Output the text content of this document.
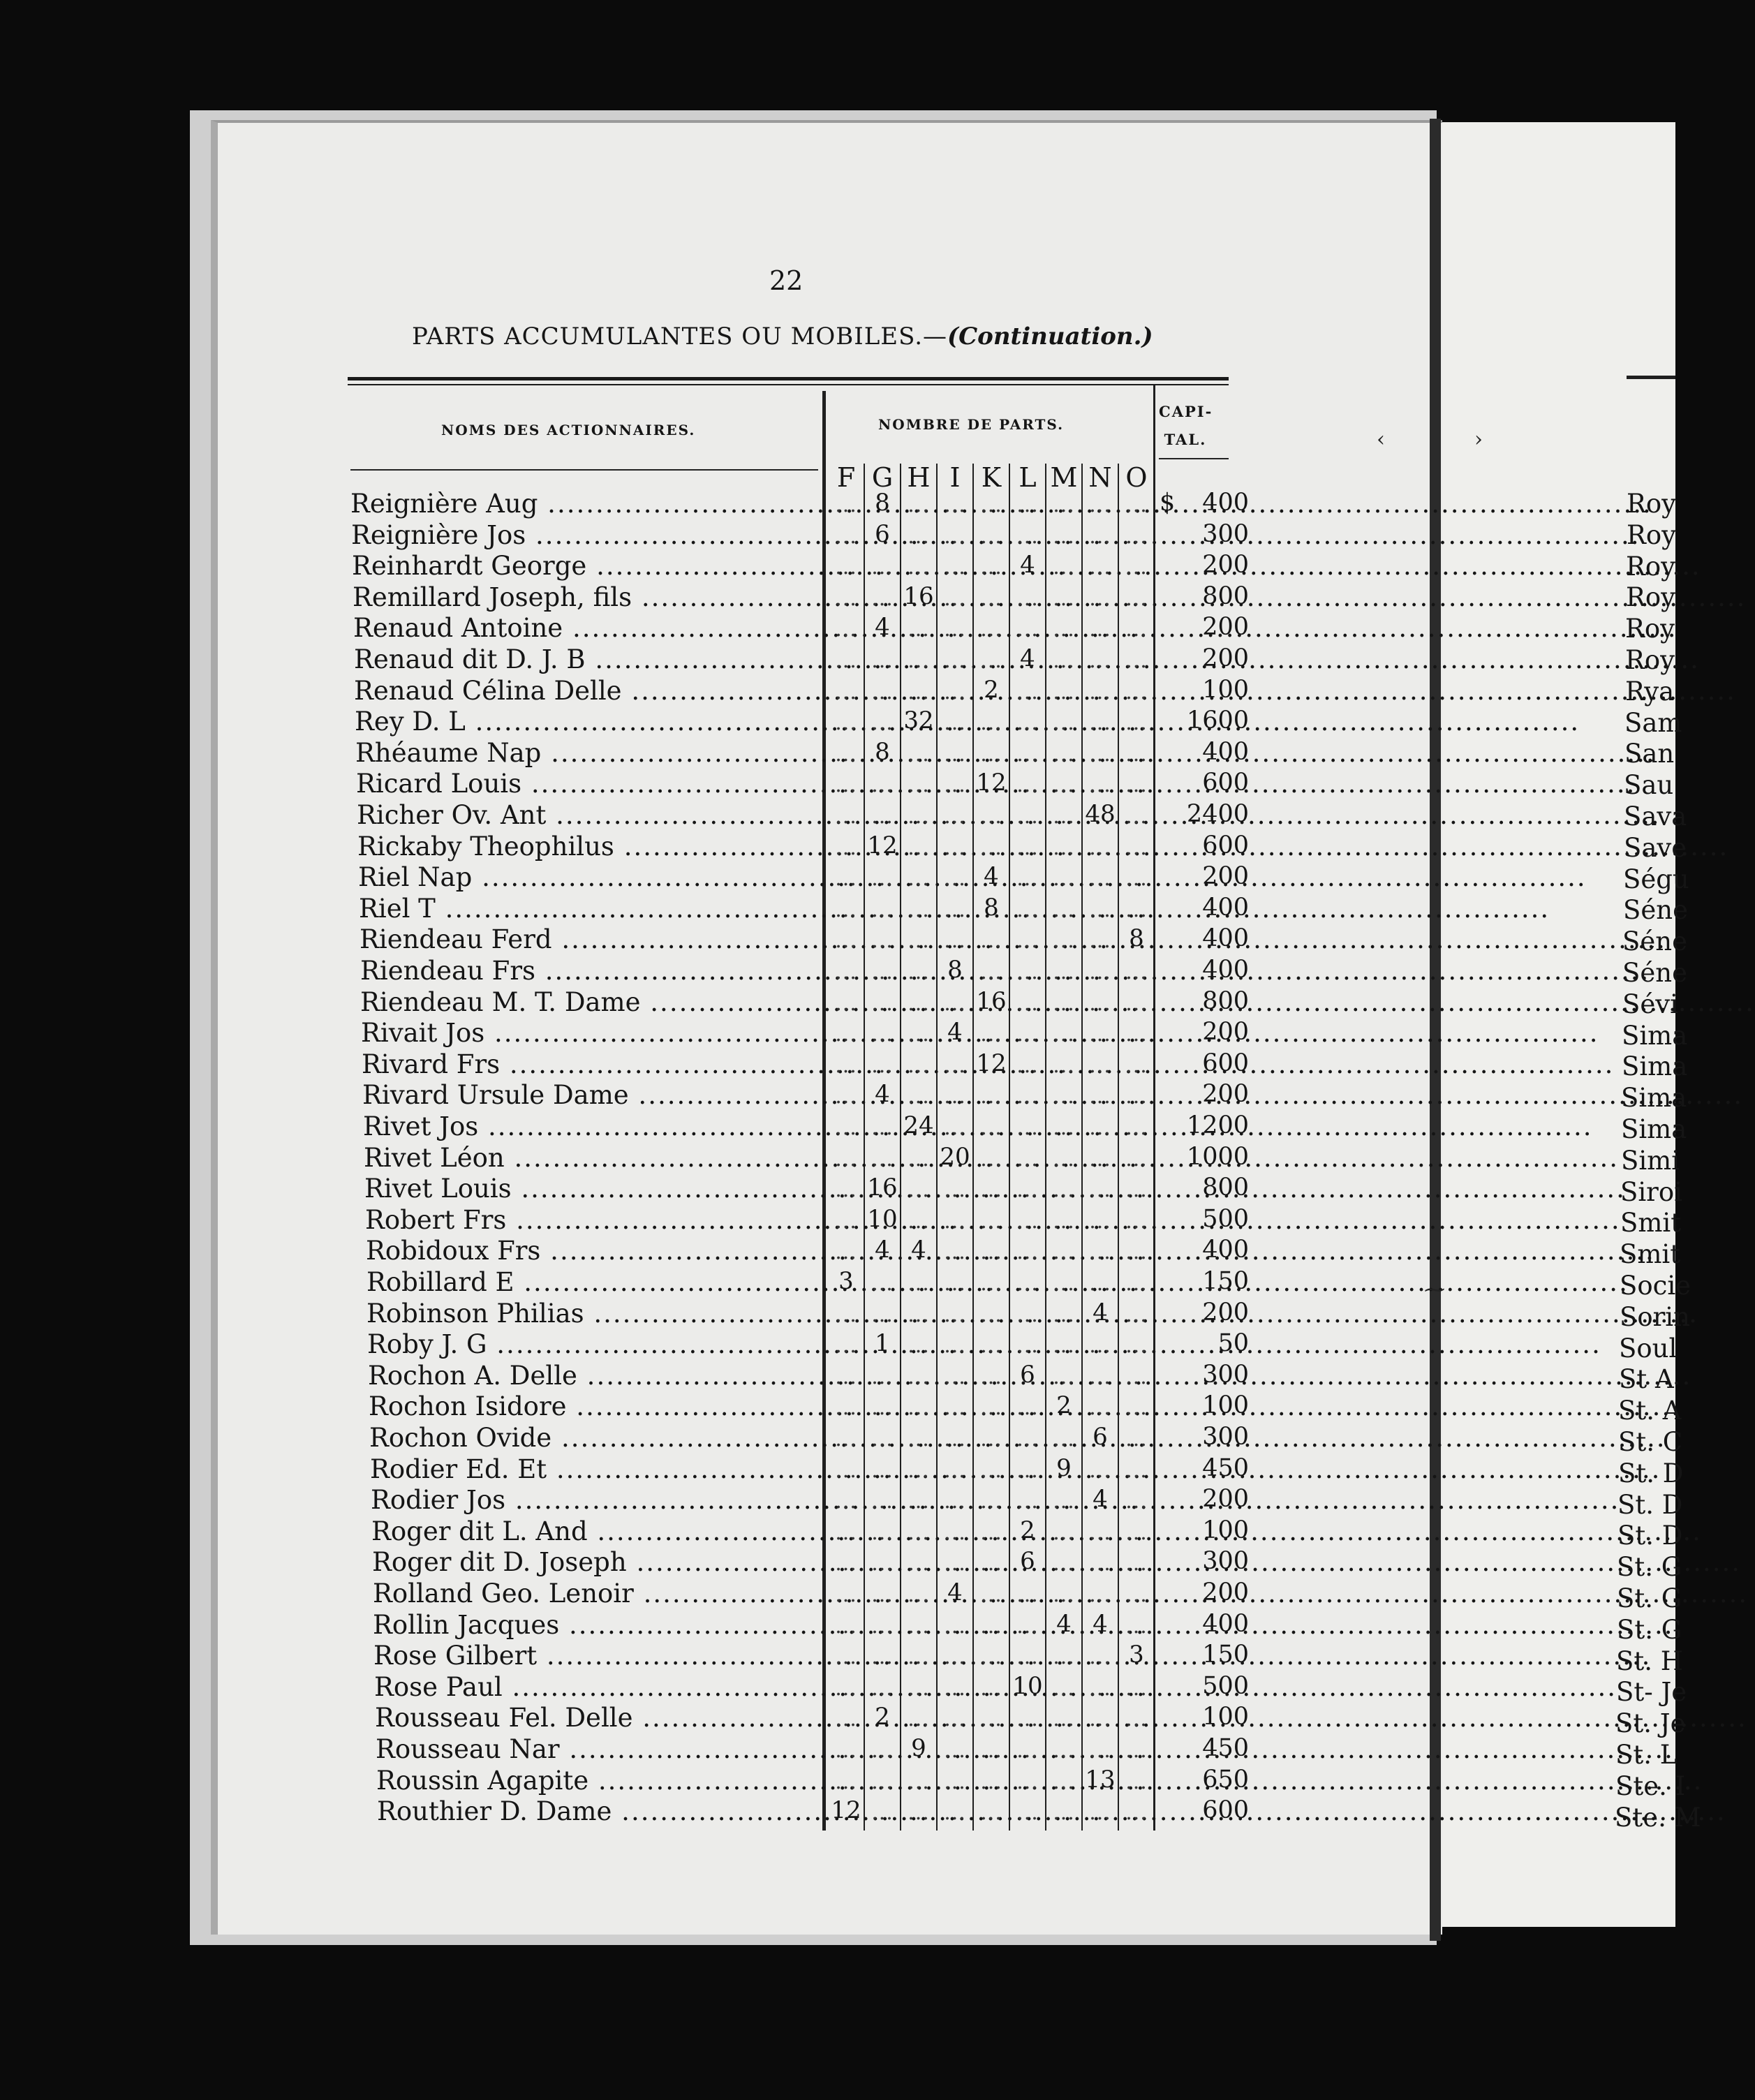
22
PARTS ACCUMULANTES OU MOBILES.—(Continuation.)
NOMS DES ACTIONNAIRES.	NOMBRE DE PARTS.
CAPI-
TAL.
F G H I K L M N O
Reignière Aug .....	... 8 ... ... ... ... ... ... ... $	400
Reignière Jos .....	... 6 ... ... ... ... ... ... ...	300
Reinhardt George .....	... ... ... ... ... 4 ... ... ...	200
Remillard Joseph, fils .....	... ... 16 ... ... ... ... ... ...	800
Renaud Antoine .....	... 4 ... ... ... ... ... ... ...	200
Renaud dit D. J. B .....	... ... ... ... ... 4 ... ... ...	200
Renaud Célina Delle .....	... ... ... ... 2 ... ... ... ...	100
Rey D. L .....	... ... 32 ... ... ... ... ... ... 1600
Rhéaume Nap .....	... 8 ... ... ... ... ... ... ...	400
Ricard Louis .....	... ... ... ... 12 ... ... ... ...	600
Richer Ov. Ant .....	... ... ... ... ... ... ... 48 ... 2400
Rickaby Theophilus .....	... 12 ... ... ... ... ... ... ...	600
Riel Nap .....	... ... ... ... 4 ... ... ... ...	200
Riel T .....	... ... ... ... 8 ... ... ... ...	400
Riendeau Ferd .....	... ... ... ... ... ... ... ... 8	400
Riendeau Frs .....	... ... ... 8 ... ... ... ... ...	400
Riendeau M. T. Dame .....	... ... ... ... 16 ... ... ... ...	800
Rivait Jos .....	... ... ... 4 ... ... ... ... ...	200
Rivard Frs .....	... ... ... ... 12 ... ... ... ...	600
Rivard Ursule Dame .....	... 4 ... ... ... ... ... ... ...	200
Rivet Jos .....	... ... 24 ... ... ... ... ... ... 1200
Rivet Léon .....	... ... ... 20 ... ... ... ... ... 1000
Rivet Louis .....	... 16 ... ... ... ... ... ... ...	800
Robert Frs .....	... 10 ... ... ... ... ... ... ...	500
Robidoux Frs .....	... 4 4 ... ... ... ... ... ...	400
Robillard E .....	3 ... ... ... ... ... ... ... ...	150
Robinson Philias .....	... ... ... ... ... ... ... 4 ...	200
Roby J. G .....	... 1 ... ... ... ... ... ... ...	50
Rochon A. Delle .....	... ... ... ... ... 6 ... ... ...	300
Rochon Isidore .....	... ... ... ... ... ... 2 ... ...	100
Rochon Ovide .....	... ... ... ... ... ... ... 6 ...	300
Rodier Ed. Et .....	... ... ... ... ... ... 9 ... ...	450
Rodier Jos .....	... ... ... ... ... ... ... 4 ...	200
Roger dit L. And .....	... ... ... ... ... 2 ... ... ...	100
Roger dit D. Joseph .....	... ... ... ... ... 6 ... ... ...	300
Rolland Geo. Lenoir .....	... ... ... 4 ... ... ... ... ...	200
Rollin Jacques .....	... ... ... ... ... ... 4 4 ...	400
Rose Gilbert .....	... ... ... ... ... ... ... ... 3	150
Rose Paul .....	... ... ... ... ... 10 ... ... ...	500
Rousseau Fel. Delle .....	... 2 ... ... ... ... ... ... ...	100
Rousseau Nar .....	... ... 9 ... ... ... ... ... ...	450
Roussin Agapite .....	... ... ... ... ... ... ... 13 ...	650
Routhier D. Dame .....	12 ... ... ... ... ... ... ... ...	600
Roy
Roy
Roy
Roy
Roy
Roy
Rya
Sam
San
Sau
Sava
Save
Ségu
Séne
Séne
Séne
Sévi
Sima
Sima
Sima
Sima
Simi
Siroi
Smit
Smit
Socie
Sorin
Soul
St A
St. A
St. C
St. D
St. D
St. D
St. G
St. G
St. G
St. H
St- Je
St. Je
St. L
Ste. I
Ste. M
‹	›
⁓
